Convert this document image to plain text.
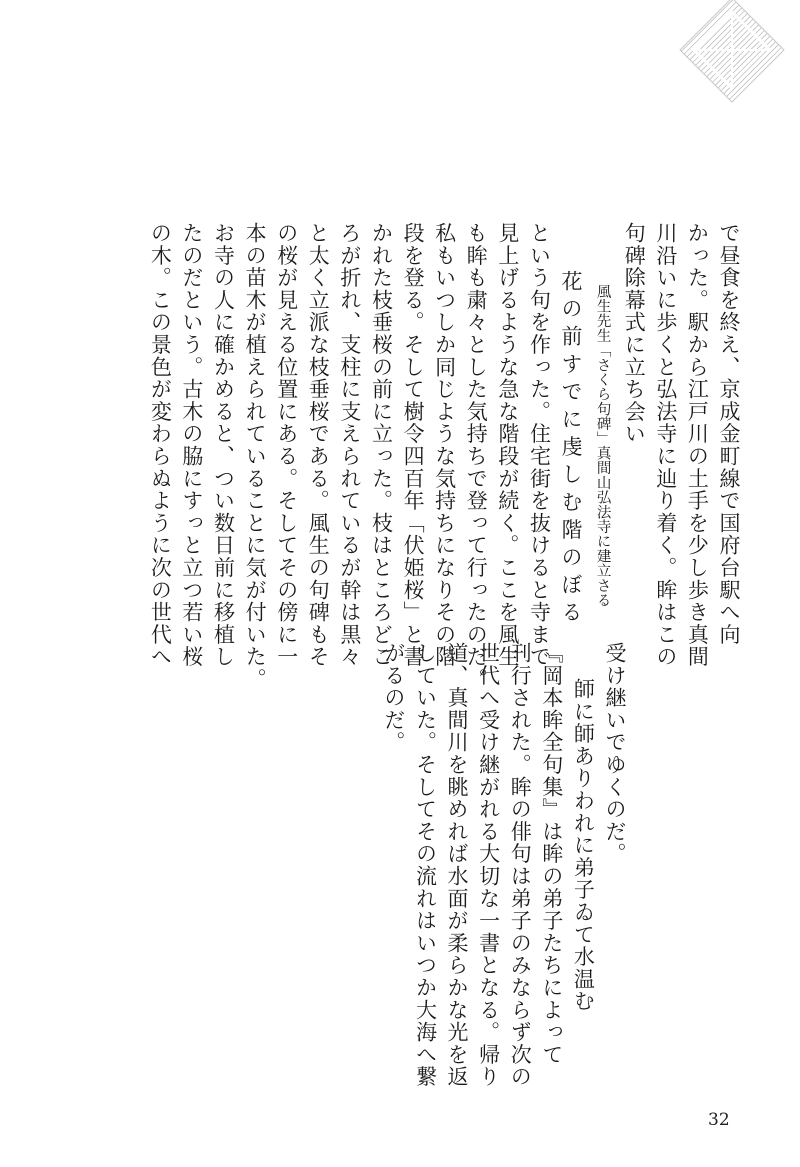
で昼食を終え、京成金町線で国府台駅へ向
かった。駅から江戸川の土手を少し歩き真間
川沿いに歩くと弘法寺に辿り着く。眸はこの
句碑除幕式に立ち会い
風生先生「さくら句碑」真間山弘法寺に建立さる
花の前すでに虔しむ階のぼる
という句を作った。住宅街を抜けると寺まで
見上げるような急な階段が続く。ここを風生
も眸も粛々とした気持ちで登って行ったのだ。
私もいつしか同じような気持ちになりその階
段を登る。そして樹令四百年「伏姫桜」と書
かれた枝垂桜の前に立った。枝はところどこ
ろが折れ、支柱に支えられているが幹は黒々
と太く立派な枝垂桜である。風生の句碑もそ
の桜が見える位置にある。そしてその傍に一
本の苗木が植えられていることに気が付いた。
お寺の人に確かめると、つい数日前に移植し
たのだという。古木の脇にすっと立つ若い桜
の木。この景色が変わらぬように次の世代へ
受け継いでゆくのだ。
師に師ありわれに弟子ゐて水温む
『岡本眸全句集』は眸の弟子たちによって
刊行された。眸の俳句は弟子のみならず次の
世代へ受け継がれる大切な一書となる。帰り
道、真間川を眺めれば水面が柔らかな光を返
していた。そしてその流れはいつか大海へ繋
がるのだ。
32
